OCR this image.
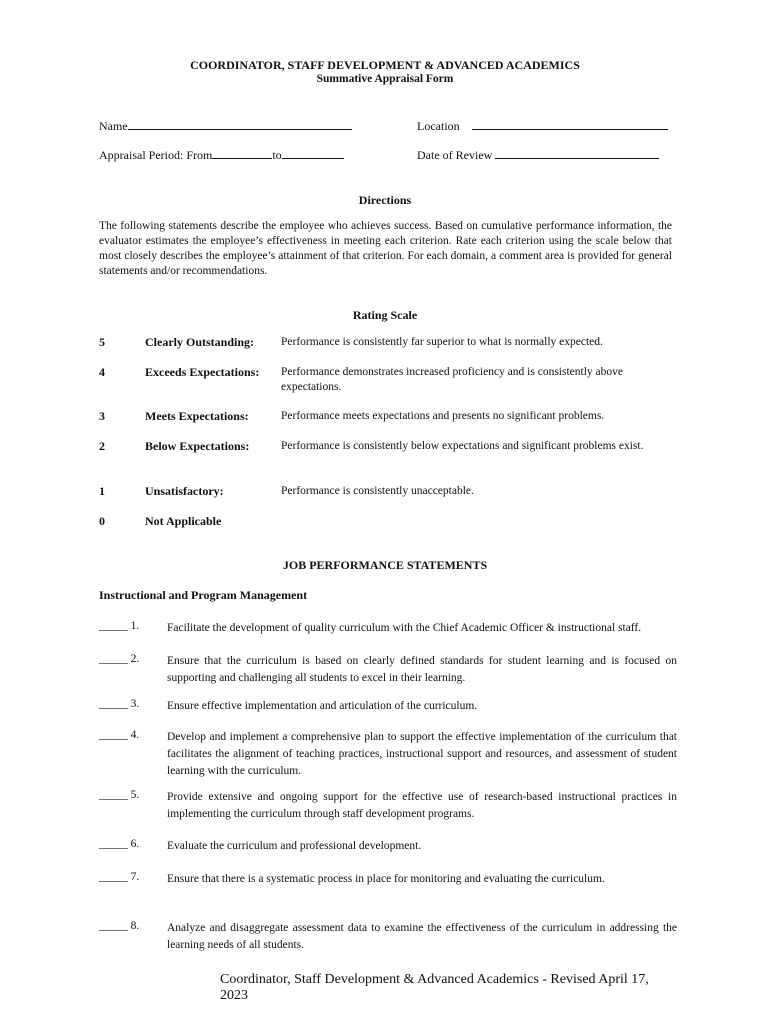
COORDINATOR, STAFF DEVELOPMENT & ADVANCED ACADEMICS
Summative Appraisal Form
Name	Location
Appraisal Period: From	to	Date of Review
Directions
The following statements describe the employee who achieves success. Based on cumulative performance information, the evaluator estimates the employee’s effectiveness in meeting each criterion. Rate each criterion using the scale below that most closely describes the employee’s attainment of that criterion. For each domain, a comment area is provided for general statements and/or recommendations.
Rating Scale
5	Clearly Outstanding: Performance is consistently far superior to what is normally expected.
4	Exceeds Expectations: Performance demonstrates increased proficiency and is consistently above expectations.
3	Meets Expectations:	Performance meets expectations and presents no significant problems.
2	Below Expectations:	Performance is consistently below expectations and significant problems exist.
1	Unsatisfactory:	Performance is consistently unacceptable.
0	Not Applicable
JOB PERFORMANCE STATEMENTS
Instructional and Program Management
_____ 1. Facilitate the development of quality curriculum with the Chief Academic Officer & instructional staff.
_____ 2. Ensure that the curriculum is based on clearly defined standards for student learning and is focused on supporting and challenging all students to excel in their learning.
_____ 3. Ensure effective implementation and articulation of the curriculum.
_____ 4. Develop and implement a comprehensive plan to support the effective implementation of the curriculum that facilitates the alignment of teaching practices, instructional support and resources, and assessment of student learning with the curriculum.
_____ 5. Provide extensive and ongoing support for the effective use of research-based instructional practices in implementing the curriculum through staff development programs.
_____ 6. Evaluate the curriculum and professional development.
_____ 7. Ensure that there is a systematic process in place for monitoring and evaluating the curriculum.
_____ 8. Analyze and disaggregate assessment data to examine the effectiveness of the curriculum in addressing the learning needs of all students.
Coordinator, Staff Development & Advanced Academics - Revised April 17, 2023
